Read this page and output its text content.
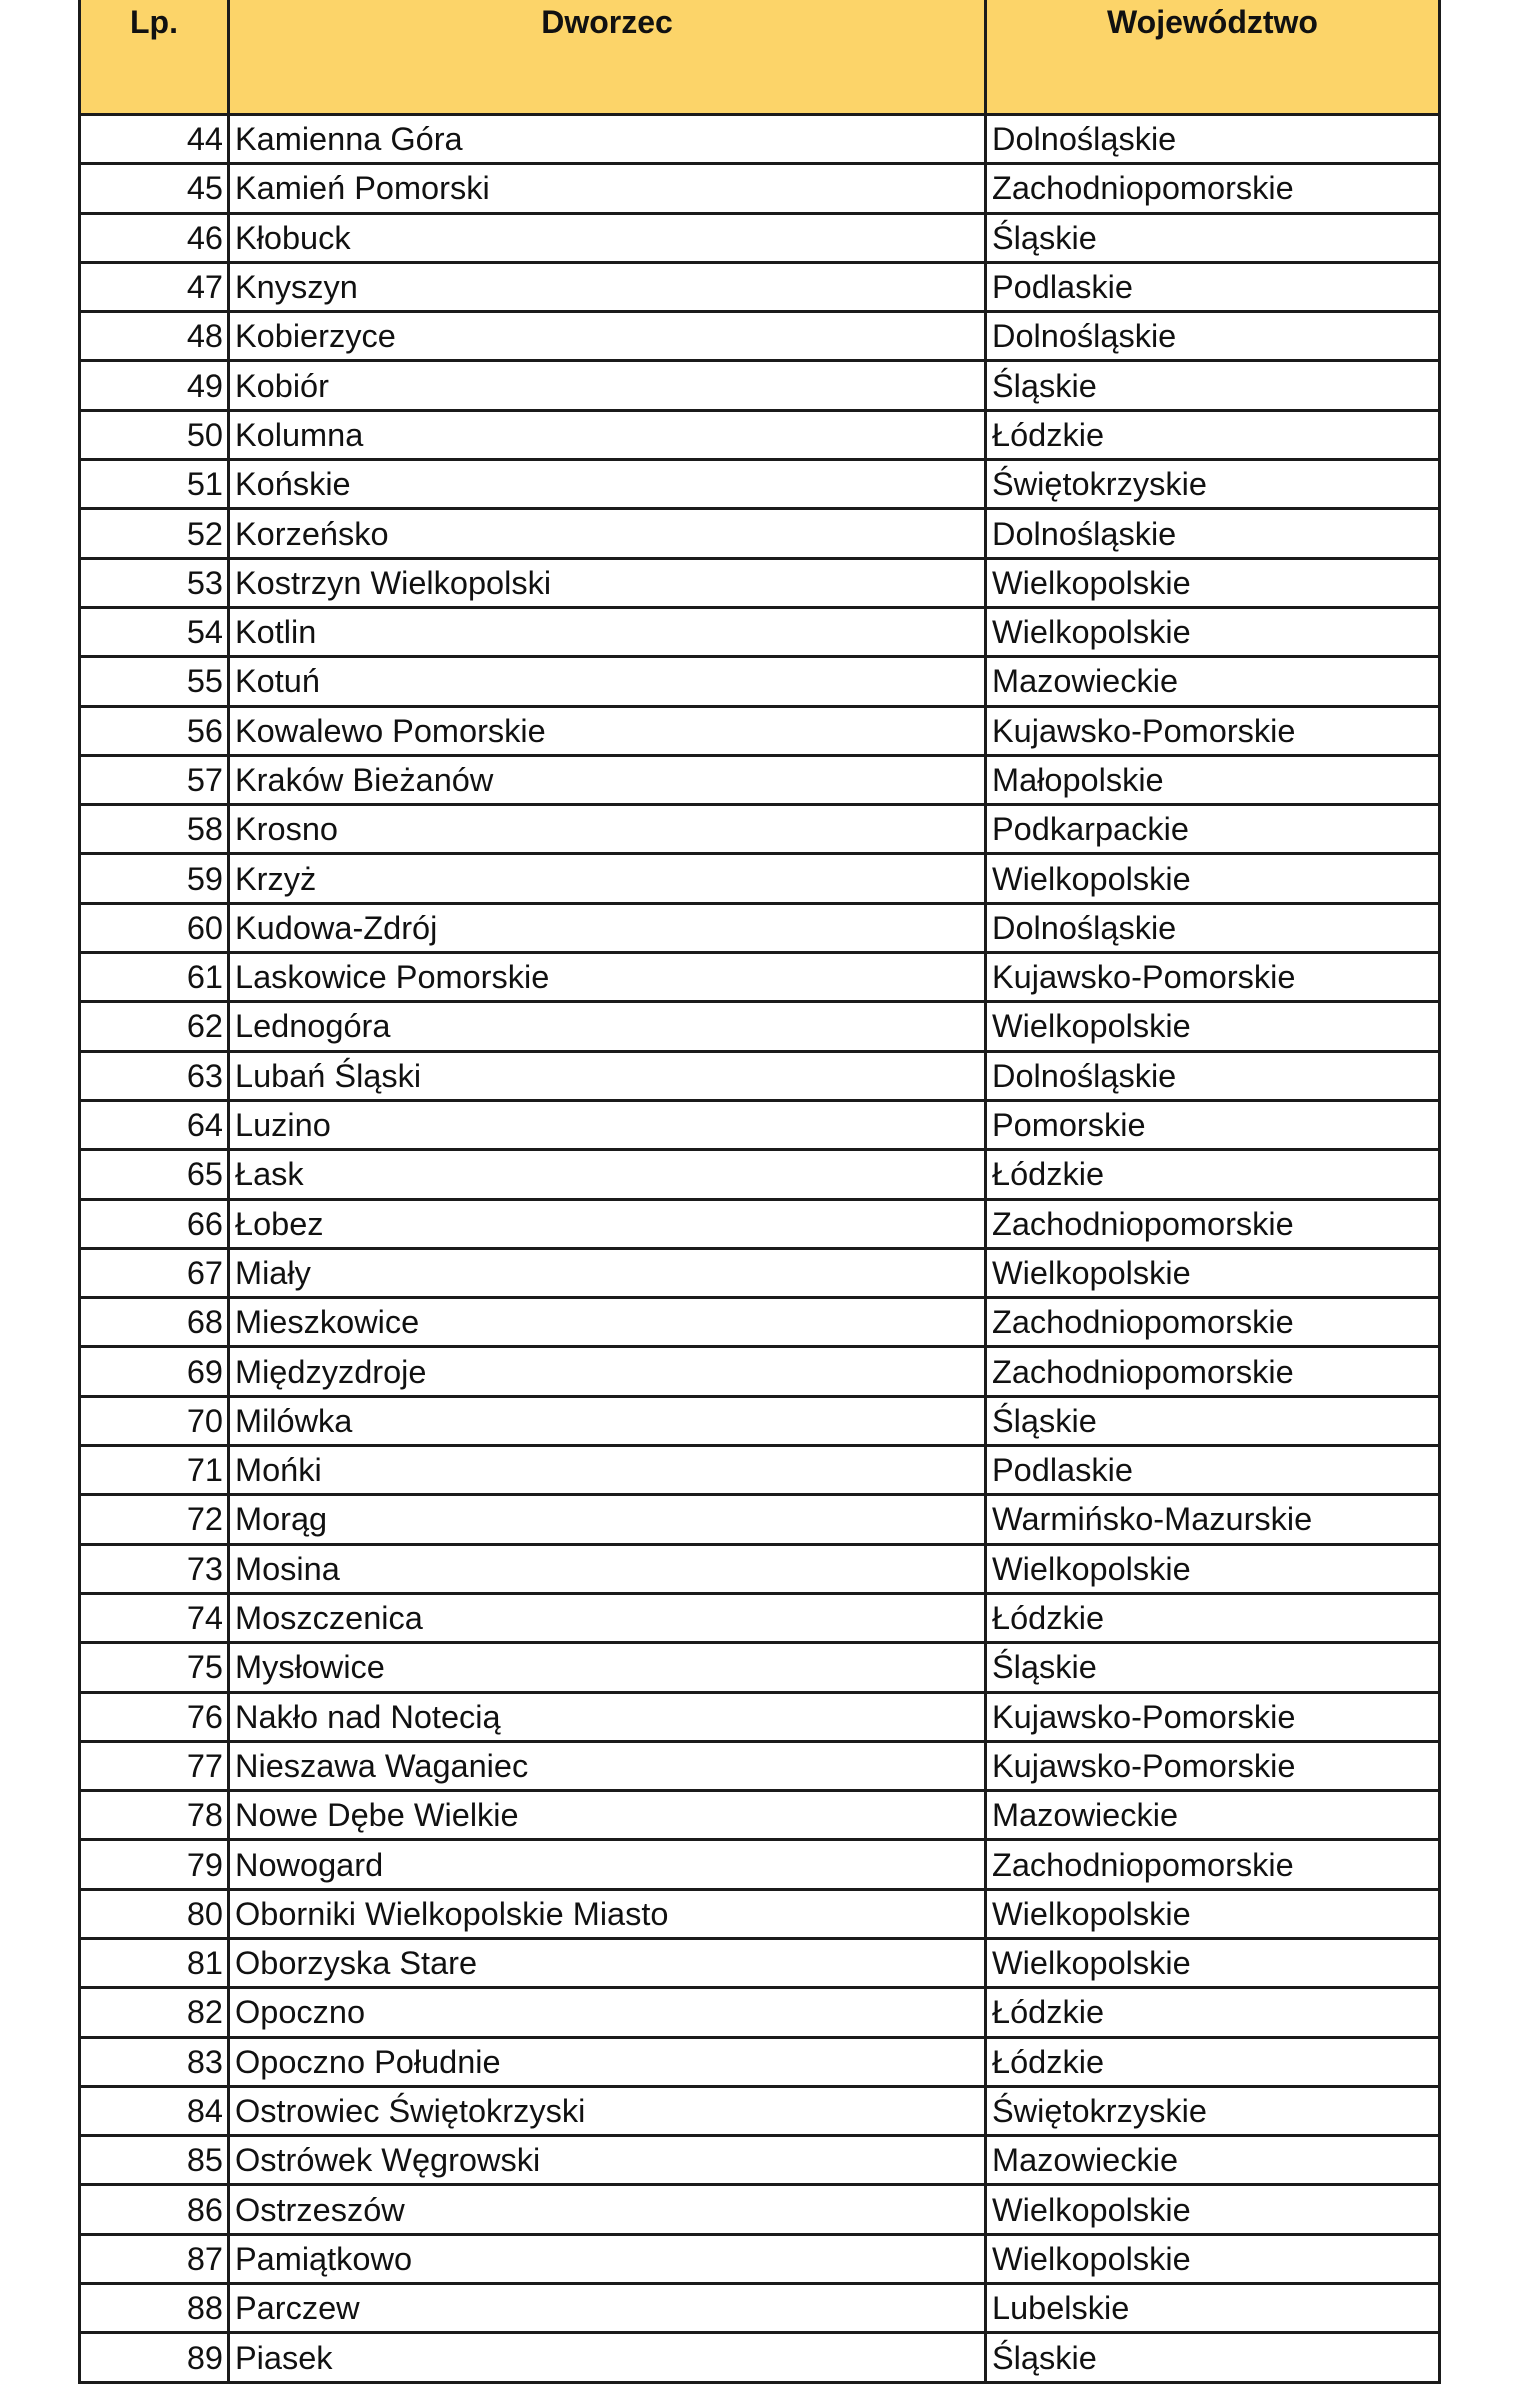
Lp.	Dworzec	Województwo
44	Kamienna Góra	Dolnośląskie
45	Kamień Pomorski	Zachodniopomorskie
46	Kłobuck	Śląskie
47	Knyszyn	Podlaskie
48	Kobierzyce	Dolnośląskie
49	Kobiór	Śląskie
50	Kolumna	Łódzkie
51	Końskie	Świętokrzyskie
52	Korzeńsko	Dolnośląskie
53	Kostrzyn Wielkopolski	Wielkopolskie
54	Kotlin	Wielkopolskie
55	Kotuń	Mazowieckie
56	Kowalewo Pomorskie	Kujawsko-Pomorskie
57	Kraków Bieżanów	Małopolskie
58	Krosno	Podkarpackie
59	Krzyż	Wielkopolskie
60	Kudowa-Zdrój	Dolnośląskie
61	Laskowice Pomorskie	Kujawsko-Pomorskie
62	Lednogóra	Wielkopolskie
63	Lubań Śląski	Dolnośląskie
64	Luzino	Pomorskie
65	Łask	Łódzkie
66	Łobez	Zachodniopomorskie
67	Miały	Wielkopolskie
68	Mieszkowice	Zachodniopomorskie
69	Międzyzdroje	Zachodniopomorskie
70	Milówka	Śląskie
71	Mońki	Podlaskie
72	Morąg	Warmińsko-Mazurskie
73	Mosina	Wielkopolskie
74	Moszczenica	Łódzkie
75	Mysłowice	Śląskie
76	Nakło nad Notecią	Kujawsko-Pomorskie
77	Nieszawa Waganiec	Kujawsko-Pomorskie
78	Nowe Dębe Wielkie	Mazowieckie
79	Nowogard	Zachodniopomorskie
80	Oborniki Wielkopolskie Miasto	Wielkopolskie
81	Oborzyska Stare	Wielkopolskie
82	Opoczno	Łódzkie
83	Opoczno Południe	Łódzkie
84	Ostrowiec Świętokrzyski	Świętokrzyskie
85	Ostrówek Węgrowski	Mazowieckie
86	Ostrzeszów	Wielkopolskie
87	Pamiątkowo	Wielkopolskie
88	Parczew	Lubelskie
89	Piasek	Śląskie
